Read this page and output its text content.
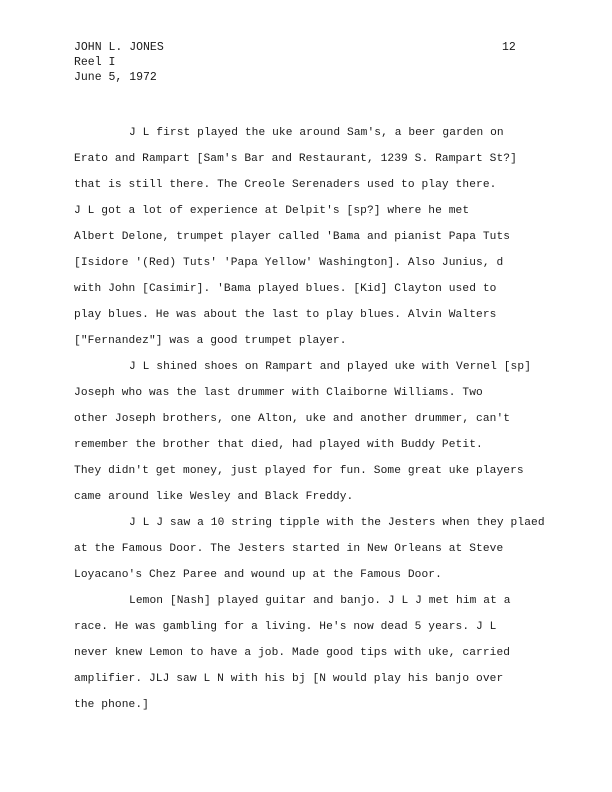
JOHN L. JONES
Reel I
June 5, 1972
12
J L first played the uke around Sam's, a beer garden on
Erato and Rampart [Sam's Bar and Restaurant, 1239 S. Rampart St?]
that is still there. The Creole Serenaders used to play there.
J L got a lot of experience at Delpit's [sp?] where he met
Albert Delone, trumpet player called 'Bama and pianist Papa Tuts
[Isidore '(Red) Tuts' 'Papa Yellow' Washington]. Also Junius, d
with John [Casimir]. 'Bama played blues. [Kid] Clayton used to
play blues. He was about the last to play blues. Alvin Walters
["Fernandez"] was a good trumpet player.
J L shined shoes on Rampart and played uke with Vernel [sp]
Joseph who was the last drummer with Claiborne Williams. Two
other Joseph brothers, one Alton, uke and another drummer, can't
remember the brother that died, had played with Buddy Petit.
They didn't get money, just played for fun. Some great uke players
came around like Wesley and Black Freddy.
J L J saw a 10 string tipple with the Jesters when they plaed
at the Famous Door. The Jesters started in New Orleans at Steve
Loyacano's Chez Paree and wound up at the Famous Door.
Lemon [Nash] played guitar and banjo. J L J met him at a
race. He was gambling for a living. He's now dead 5 years. J L
never knew Lemon to have a job. Made good tips with uke, carried
amplifier. JLJ saw L N with his bj [N would play his banjo over
the phone.]
